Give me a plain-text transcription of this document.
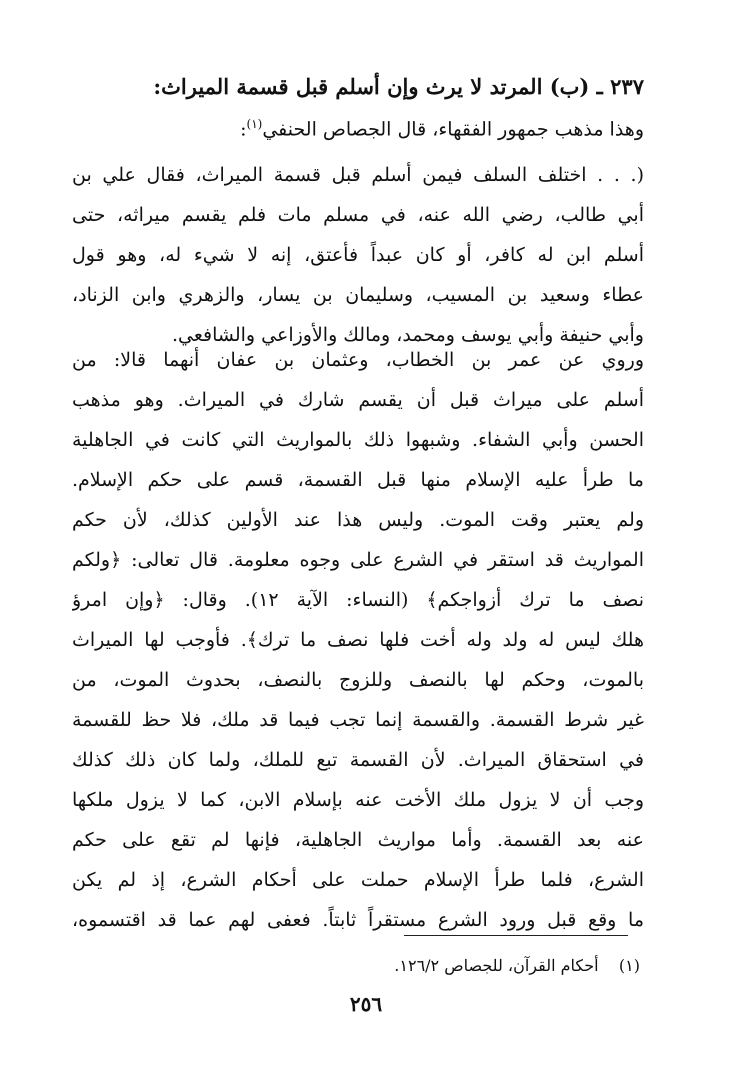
٢٣٧ ـ (ب) المرتد لا يرث وإن أسلم قبل قسمة الميراث:
وهذا مذهب جمهور الفقهاء، قال الجصاص الحنفي$^{(١)}$:
(. . . اختلف السلف فيمن أسلم قبل قسمة الميراث، فقال علي بن
أبي طالب، رضي الله عنه، في مسلم مات فلم يقسم ميراثه، حتى
أسلم ابن له كافر، أو كان عبداً فأعتق، إنه لا شيء له، وهو قول
عطاء وسعيد بن المسيب، وسليمان بن يسار، والزهري وابن الزناد،
وأبي حنيفة وأبي يوسف ومحمد، ومالك والأوزاعي والشافعي.
وروي عن عمر بن الخطاب، وعثمان بن عفان أنهما قالا: من
أسلم على ميراث قبل أن يقسم شارك في الميراث. وهو مذهب
الحسن وأبي الشفاء. وشبهوا ذلك بالمواريث التي كانت في الجاهلية
ما طرأ عليه الإسلام منها قبل القسمة، قسم على حكم الإسلام.
ولم يعتبر وقت الموت. وليس هذا عند الأولين كذلك، لأن حكم
المواريث قد استقر في الشرع على وجوه معلومة. قال تعالى: ﴿ولكم
نصف ما ترك أزواجكم﴾ (النساء: الآية ١٢). وقال: ﴿وإن امرؤ
هلك ليس له ولد وله أخت فلها نصف ما ترك﴾. فأوجب لها الميراث
بالموت، وحكم لها بالنصف وللزوج بالنصف، بحدوث الموت، من
غير شرط القسمة. والقسمة إنما تجب فيما قد ملك، فلا حظ للقسمة
في استحقاق الميراث. لأن القسمة تبع للملك، ولما كان ذلك كذلك
وجب أن لا يزول ملك الأخت عنه بإسلام الابن، كما لا يزول ملكها
عنه بعد القسمة. وأما مواريث الجاهلية، فإنها لم تقع على حكم
الشرع، فلما طرأ الإسلام حملت على أحكام الشرع، إذ لم يكن
ما وقع قبل ورود الشرع مستقراً ثابتاً. فعفى لهم عما قد اقتسموه،
(١)    أحكام القرآن، للجصاص ١٢٦/٢.
٢٥٦
